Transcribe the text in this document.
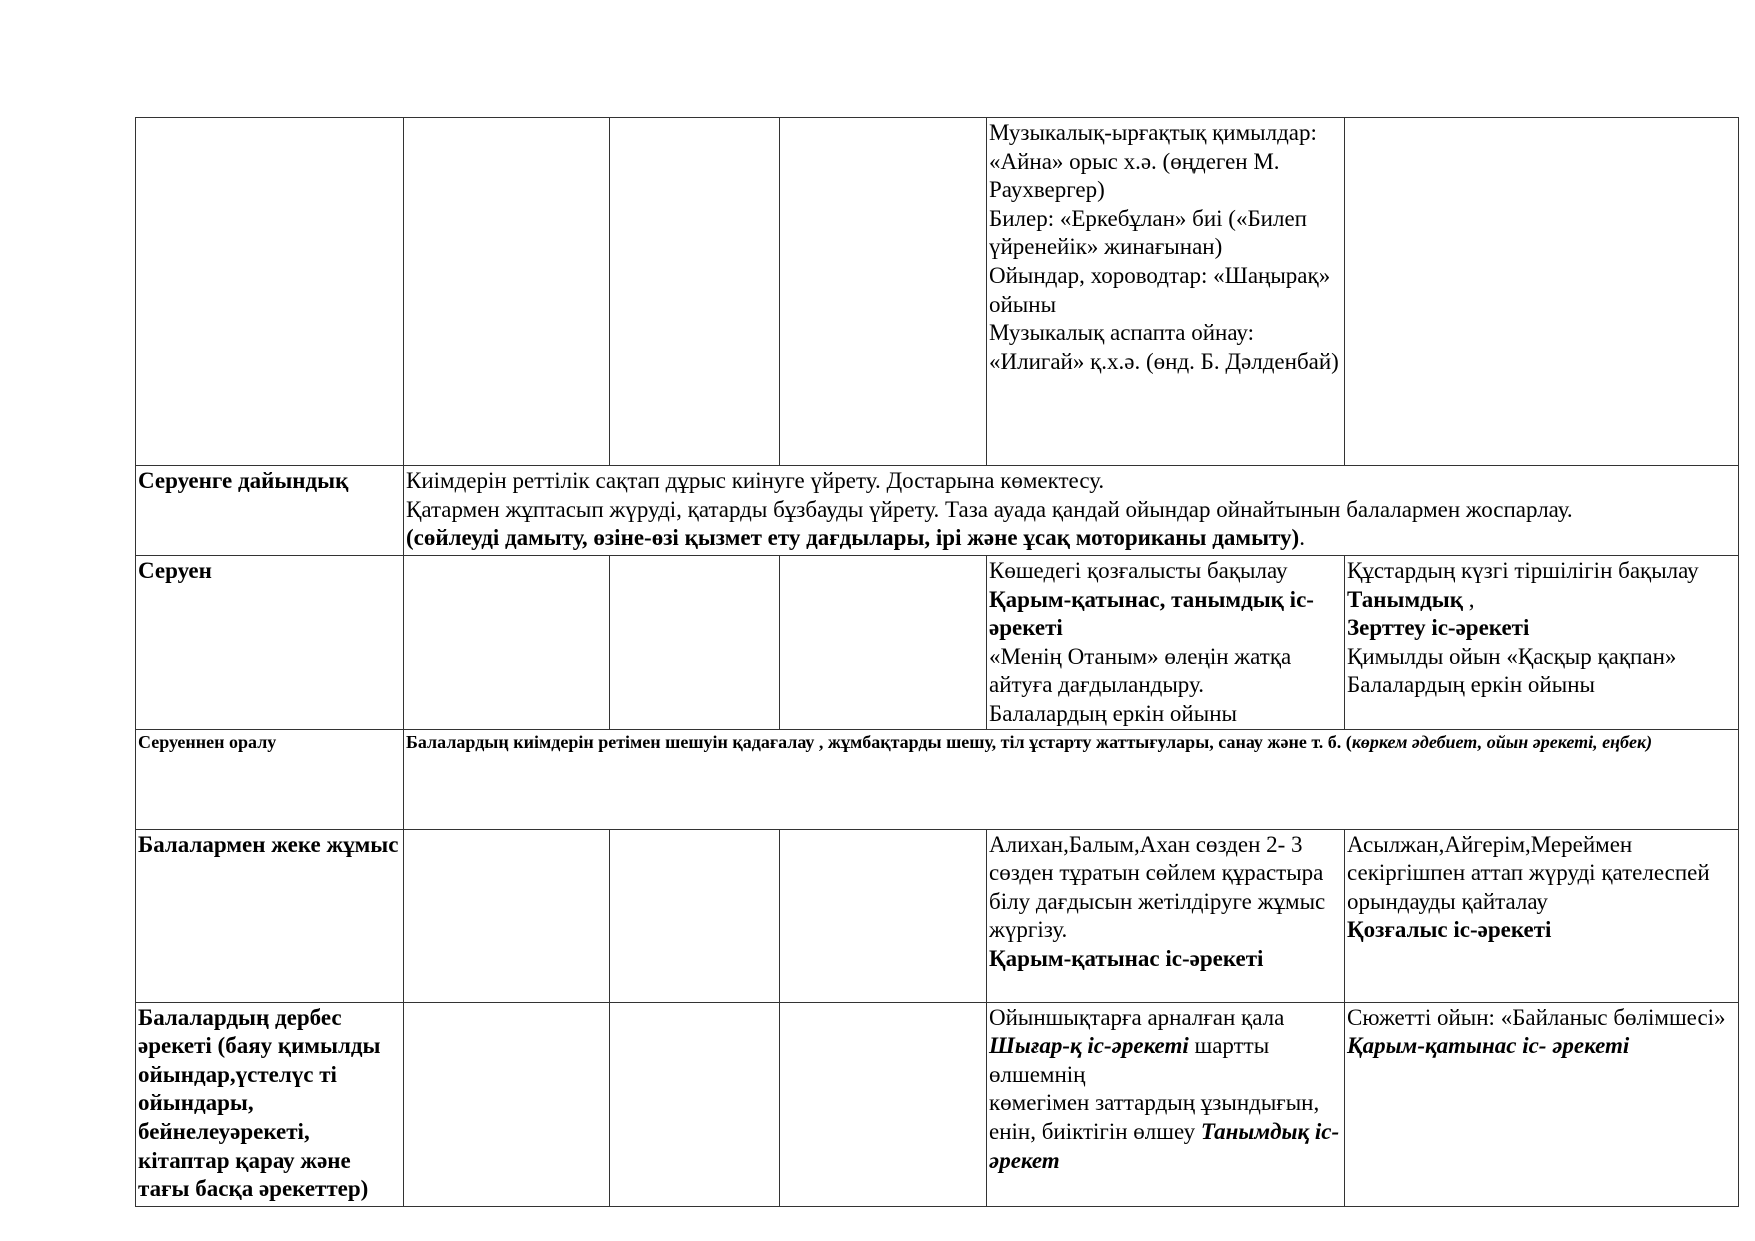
				Музыкалық-ырғақтық қимылдар: «Айна» орыс х.ә. (өңдеген М. Раухвергер)
Билер: «Еркебұлан» биі («Билеп үйренейік» жинағынан)
Ойындар, хороводтар: «Шаңырақ» ойыны
Музыкалық аспапта ойнау: «Илигай» қ.х.ә. (өнд. Б. Дәлденбай)	

Серуенге дайындық	Киімдерін реттілік сақтап дұрыс киінуге үйрету. Достарына көмектесу.
Қатармен жұптасып жүруді, қатарды бұзбауды үйрету. Таза ауада қандай ойындар ойнайтынын балалармен жоспарлау.
(сөйлеуді дамыту, өзіне-өзі қызмет ету дағдылары, ірі және ұсақ моториканы дамыту).				

Серуен				Көшедегі қозғалысты бақылау
Қарым-қатынас, танымдық іс-әрекеті
«Менің Отаным» өлеңін жатқа айтуға дағдыландыру.
Балалардың еркін ойыны	Құстардың күзгі тіршілігін бақылау
Танымдық ,
Зерттеу іс-әрекеті
Қимылды ойын «Қасқыр қақпан»
Балалардың еркін ойыны

Серуеннен оралу	Балалардың киімдерін ретімен шешуін қадағалау , жұмбақтарды шешу, тіл ұстарту жаттығулары, санау және т. б. (көркем әдебиет, ойын әрекеті, еңбек)				

Балалармен жеке жұмыс				Алихан,Балым,Ахан сөзден 2- 3 сөзден тұратын сөйлем құрастыра білу дағдысын жетілдіруге жұмыс жүргізу.
Қарым-қатынас іс-әрекеті	Асылжан,Айгерім,Мереймен секіргішпен аттап жүруді қателеспей орындауды қайталау
Қозғалыс іс-әрекеті

Балалардың дербес әрекеті (баяу қимылды ойындар,үстелүс ті ойындары, бейнелеуәрекеті, кітаптар қарау және тағы басқа әрекеттер)				Ойыншықтарға арналған қала
Шығар-қ іс-әрекеті шартты өлшемнің
көмегімен заттардың ұзындығын, енін, биіктігін өлшеу Танымдық іс-әрекет	Сюжетті ойын: «Байланыс бөлімшесі»
Қарым-қатынас іс- әрекеті
